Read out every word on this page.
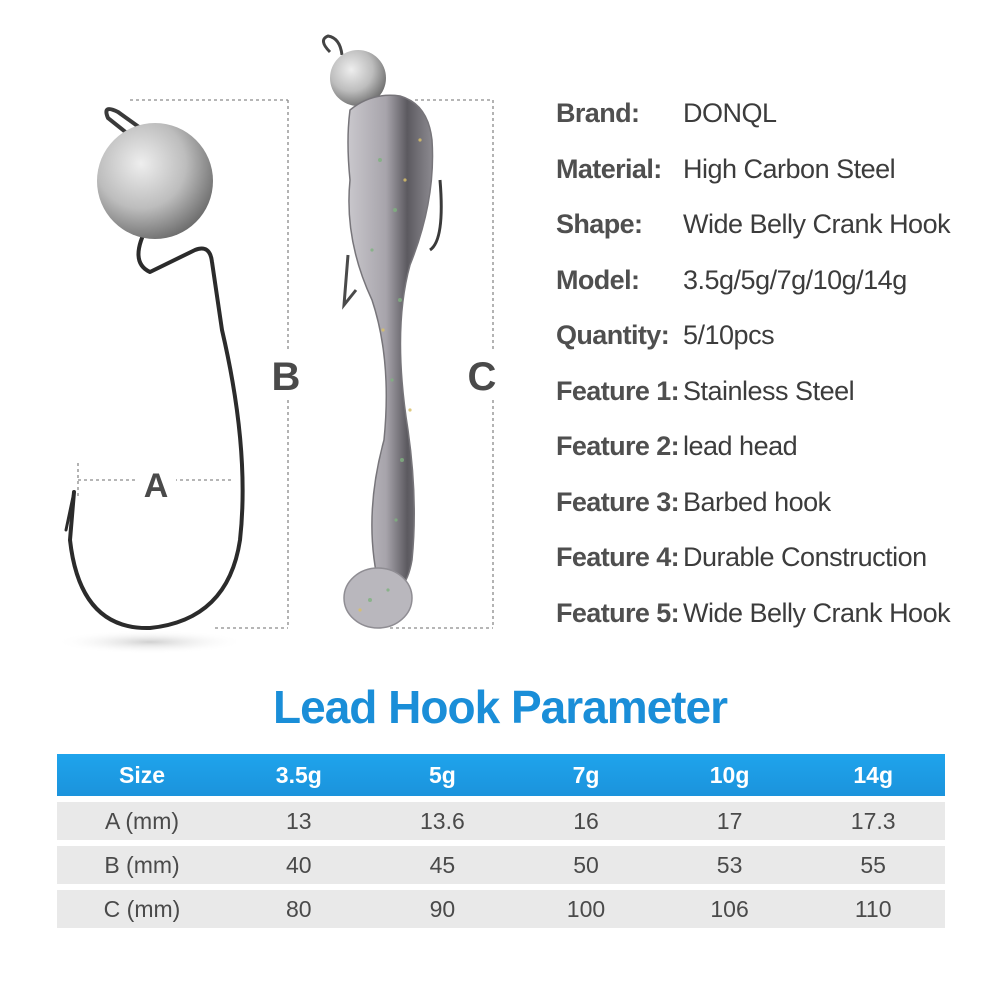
B	C
A
Brand:	DONQL
Material: High Carbon Steel
Shape:	Wide Belly Crank Hook
Model:	3.5g/5g/7g/10g/14g
Quantity: 5/10pcs
Feature 1: Stainless Steel
Feature 2: lead head
Feature 3: Barbed hook
Feature 4: Durable Construction
Feature 5: Wide Belly Crank Hook
Lead Hook Parameter
Size	3.5g	5g	7g	10g	14g
A (mm)	13	13.6	16	17	17.3
B (mm)	40	45	50	53	55
C (mm)	80	90	100	106	110
